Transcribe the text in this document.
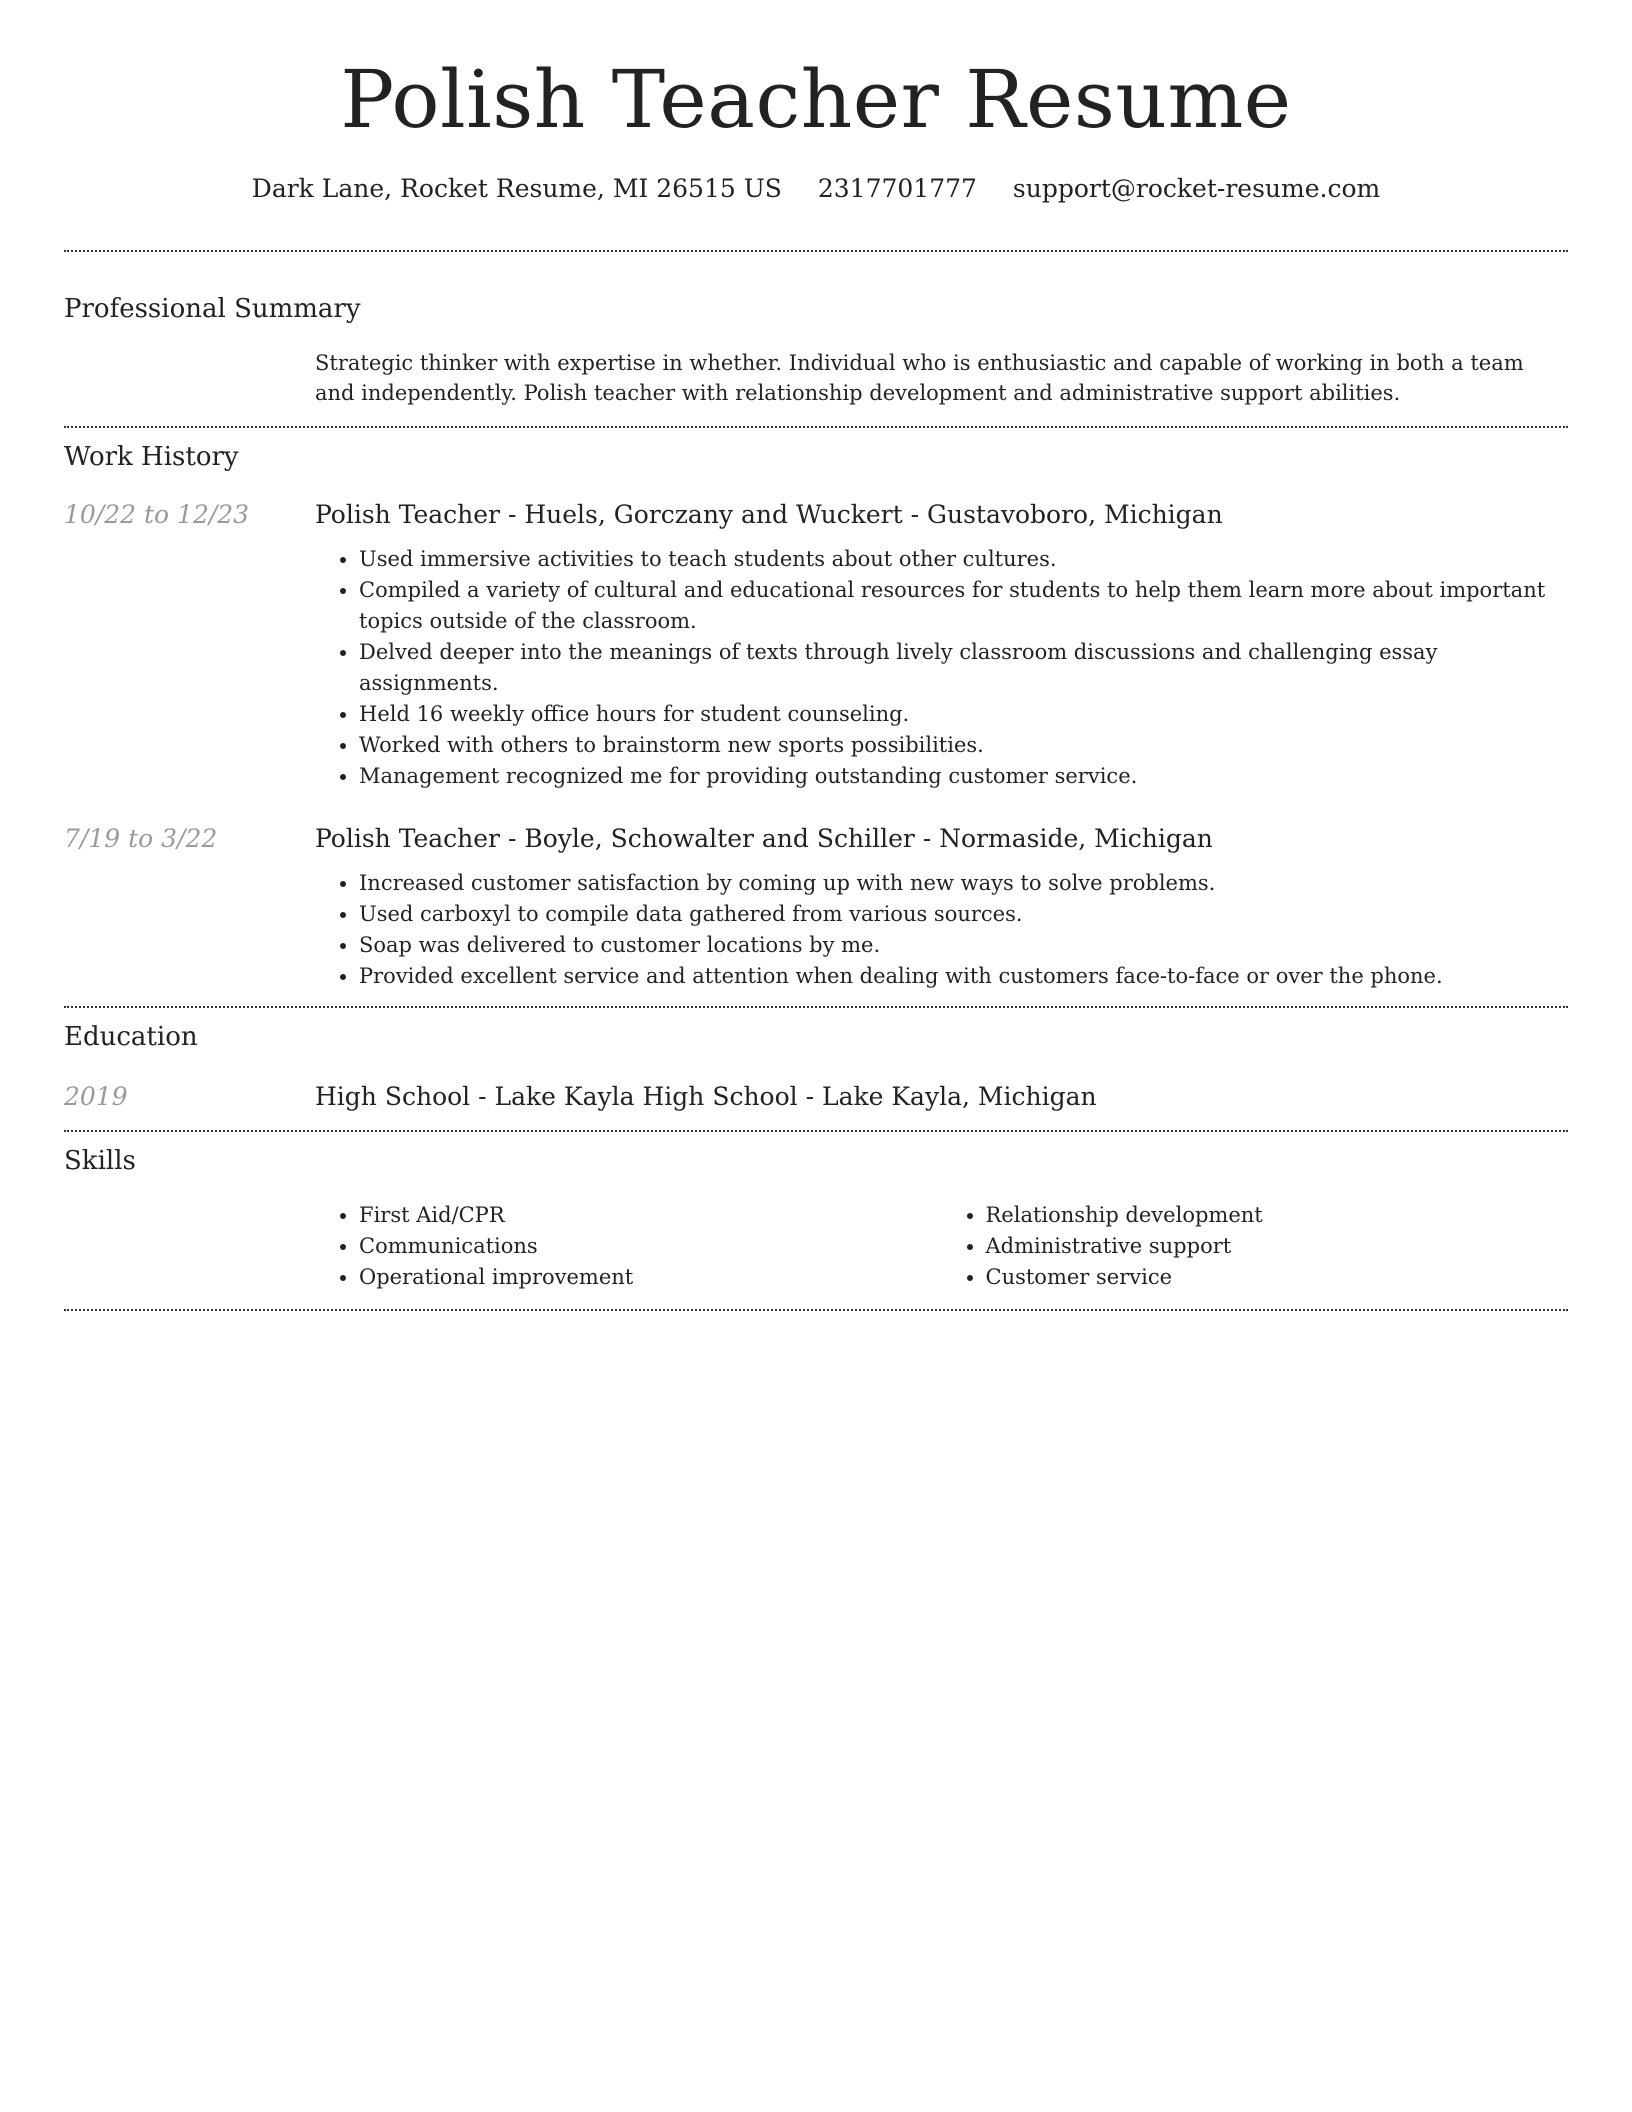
Polish Teacher Resume
Dark Lane, Rocket Resume, MI 26515 US 2317701777 support@rocket-resume.com
Professional Summary

Strategic thinker with expertise in whether. Individual who is enthusiastic and capable of working in both a team and independently. Polish teacher with relationship development and administrative support abilities.

Work History
10/22 to 12/23	Polish Teacher - Huels, Gorczany and Wuckert - Gustavoboro, Michigan
• Used immersive activities to teach students about other cultures.
• Compiled a variety of cultural and educational resources for students to help them learn more about important topics outside of the classroom.
• Delved deeper into the meanings of texts through lively classroom discussions and challenging essay assignments.
• Held 16 weekly office hours for student counseling.
• Worked with others to brainstorm new sports possibilities.
• Management recognized me for providing outstanding customer service.
7/19 to 3/22	Polish Teacher - Boyle, Schowalter and Schiller - Normaside, Michigan
• Increased customer satisfaction by coming up with new ways to solve problems.
• Used carboxyl to compile data gathered from various sources.
• Soap was delivered to customer locations by me.
• Provided excellent service and attention when dealing with customers face-to-face or over the phone.
Education
2019	High School - Lake Kayla High School - Lake Kayla, Michigan
Skills
• First Aid/CPR
• Communications
• Operational improvement
• Relationship development
• Administrative support
• Customer service
